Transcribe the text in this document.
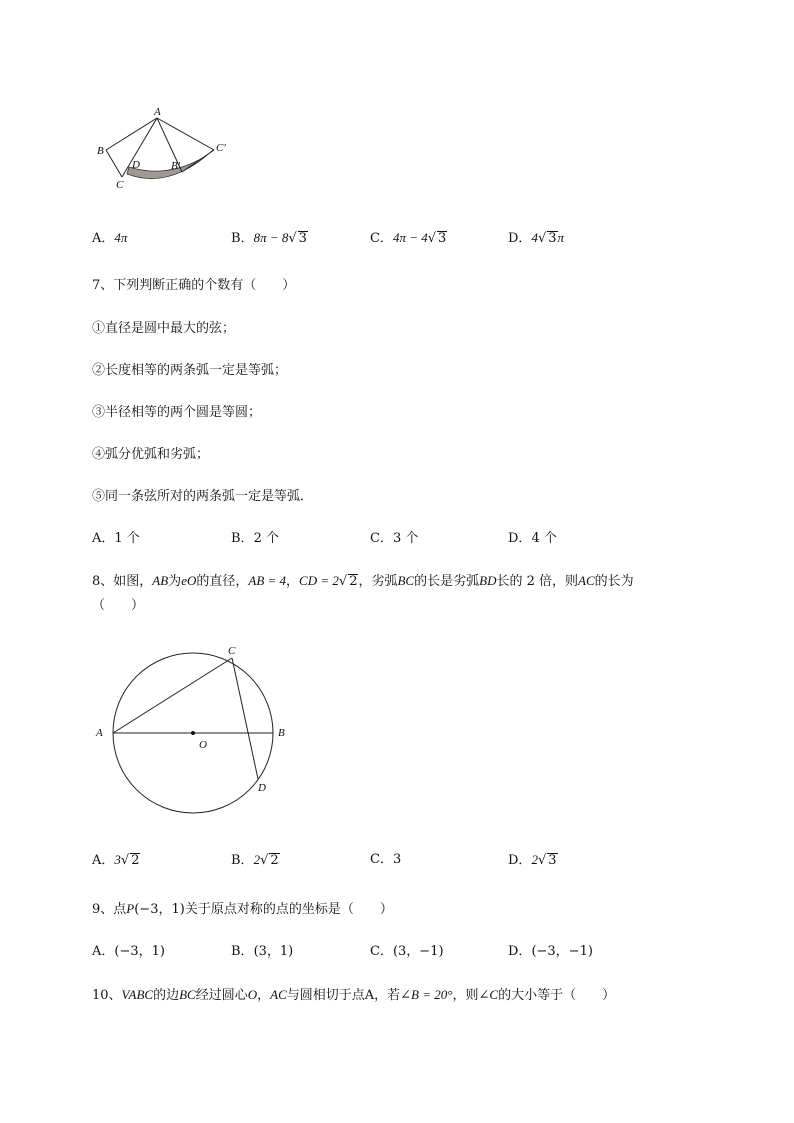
A
B
C
D	B′
C′
A．4π	B．8π − 8√ 3	C．4π − 4√ 3	D．4√ 3π
7、下列判断正确的个数有（　　）
①直径是圆中最大的弦；
②长度相等的两条弧一定是等弧；
③半径相等的两个圆是等圆；
④弧分优弧和劣弧；
⑤同一条弦所对的两条弧一定是等弧．
A．1 个	B．2 个	C．3 个	D．4 个
8、如图，AB为eO的直径，AB = 4，CD = 2√ 2，劣弧BC的长是劣弧BD长的 2 倍，则AC的长为
（　　）
A	B
C
D
O
A．3√ 2	B．2√ 2	C．3	D．2√ 3
9、点P(−3，1)关于原点对称的点的坐标是（　　）
A．(−3，1)	B．(3，1)	C．(3，−1)	D．(−3，−1)
10、VABC的边BC经过圆心O，AC与圆相切于点A，若∠B = 20°，则∠C的大小等于（　　）
